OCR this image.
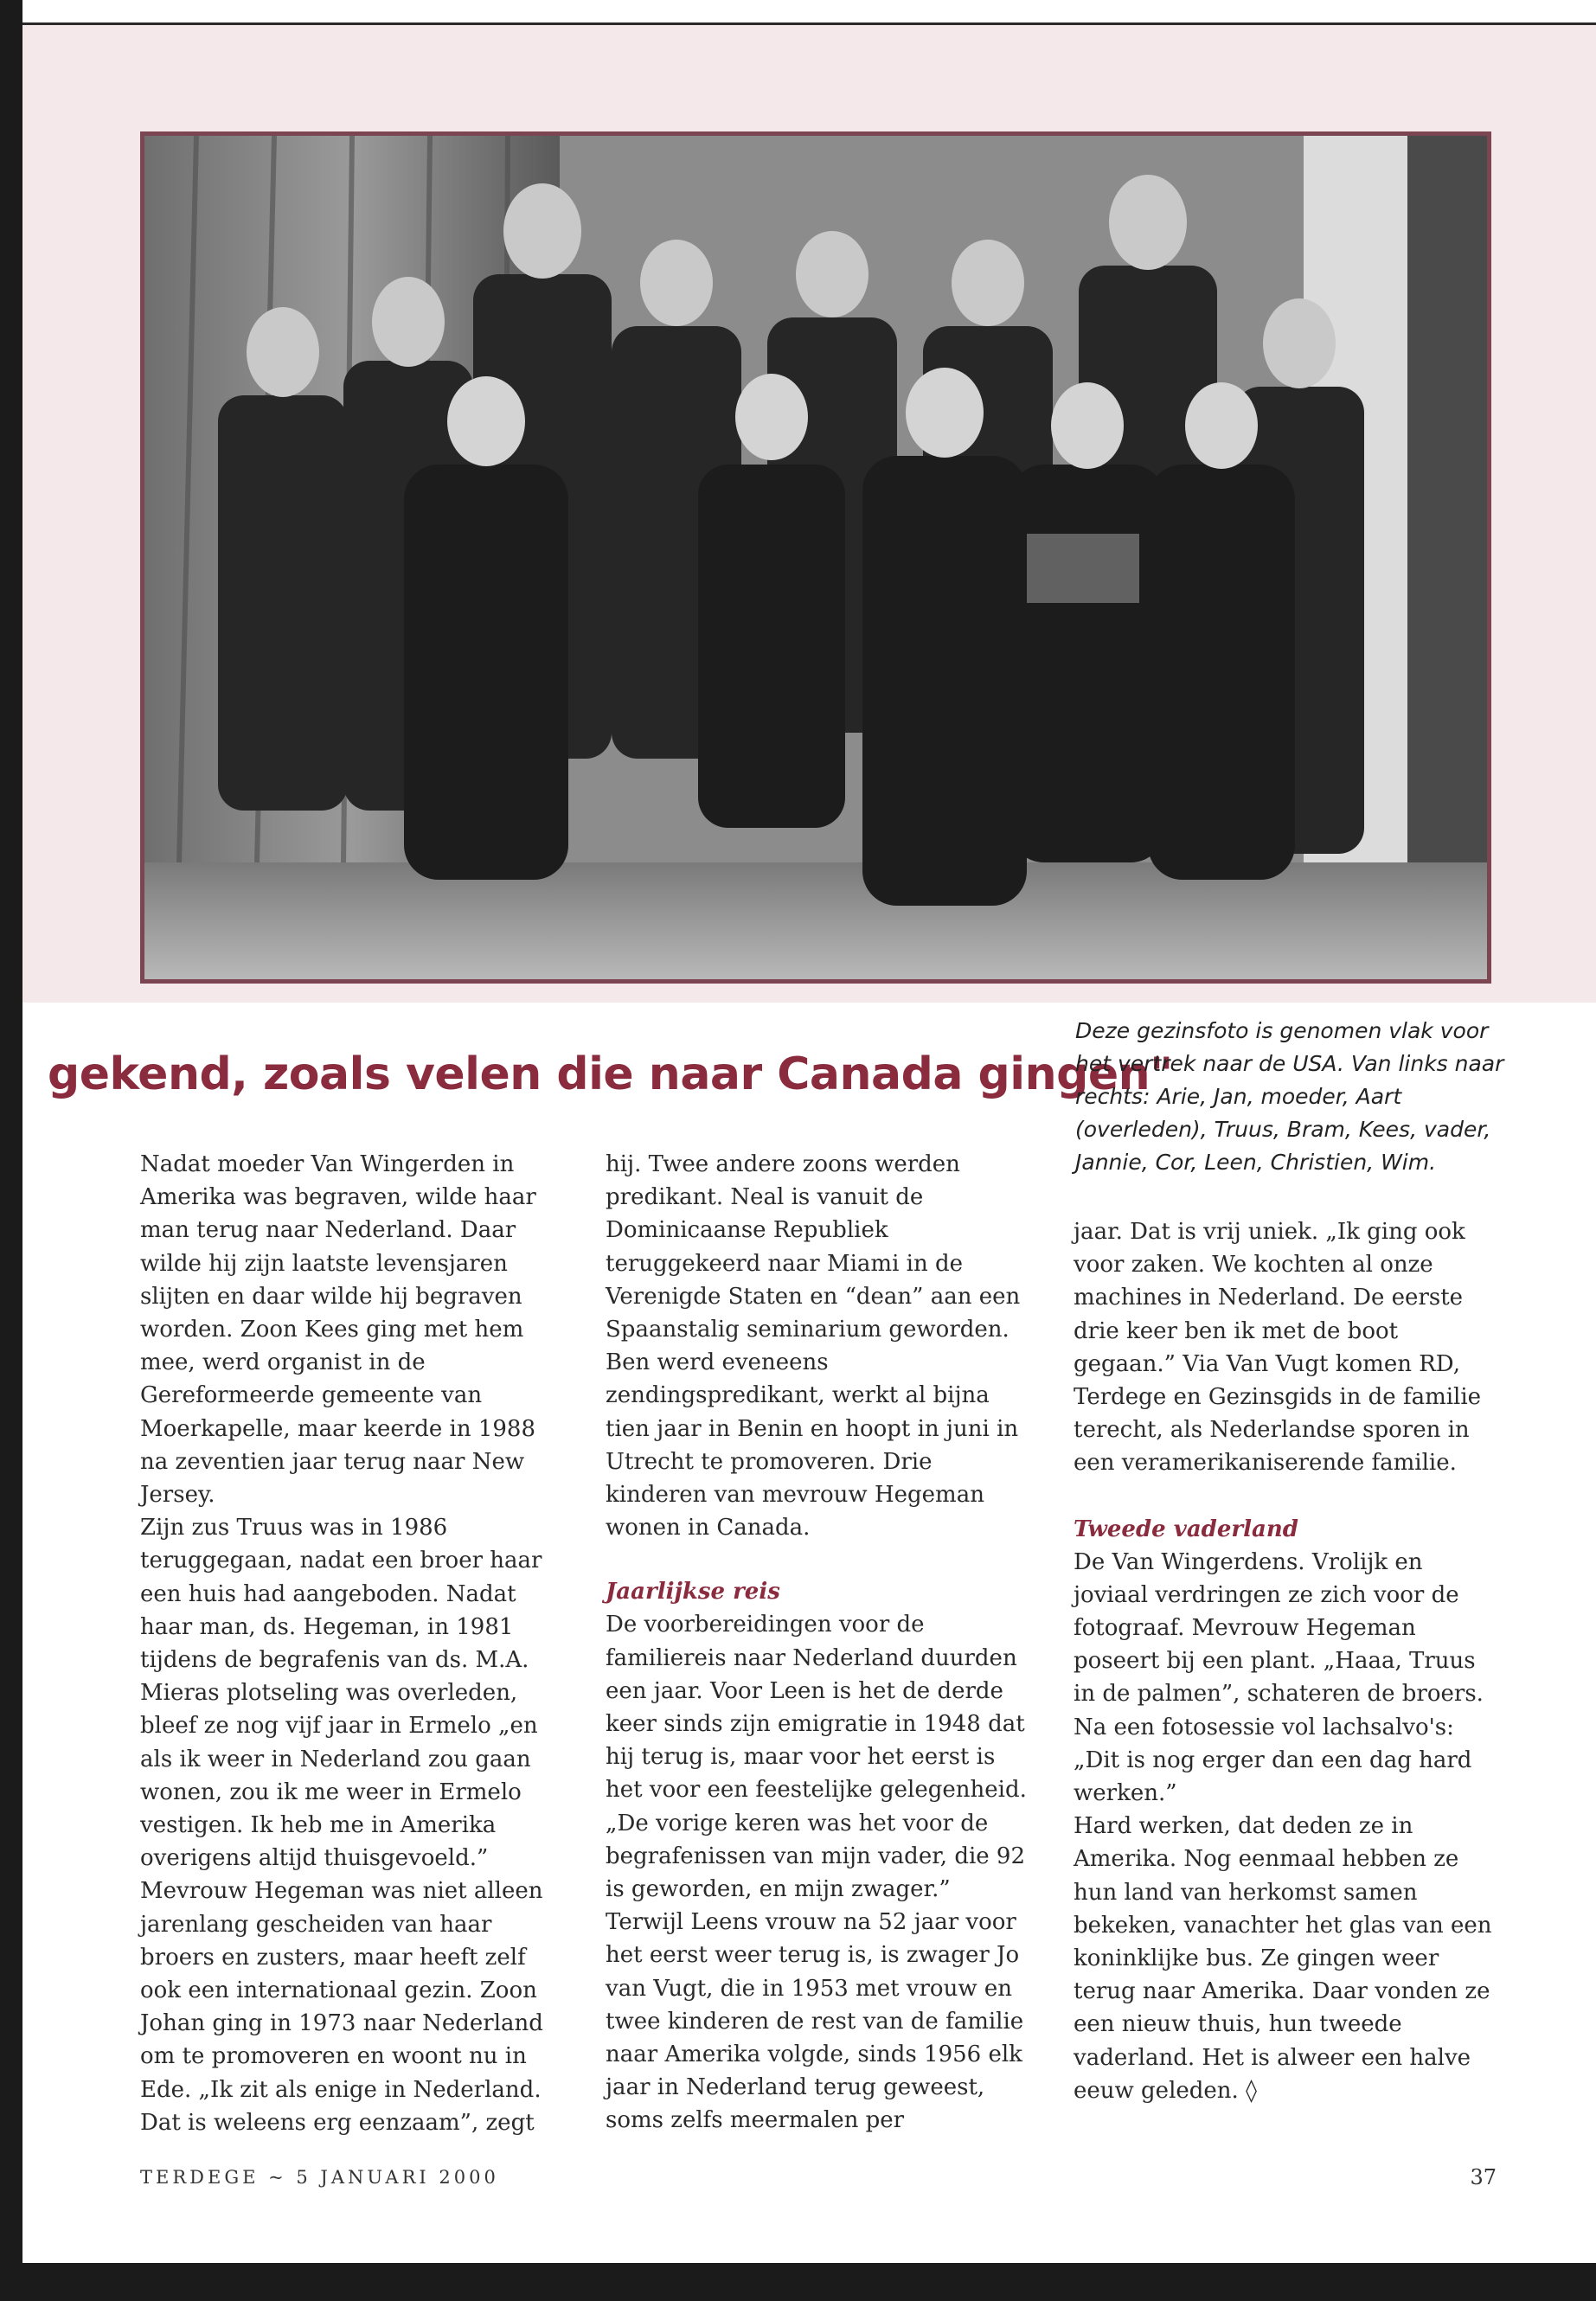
gekend, zoals velen die naar Canada gingen"
Deze gezinsfoto is genomen vlak voor het vertrek naar de USA. Van links naar rechts: Arie, Jan, moeder, Aart (overleden), Truus, Bram, Kees, vader, Jannie, Cor, Leen, Christien, Wim.

Nadat moeder Van Wingerden in Amerika was begraven, wilde haar man terug naar Nederland. Daar wilde hij zijn laatste levensjaren slijten en daar wilde hij begraven worden. Zoon Kees ging met hem mee, werd organist in de Gereformeerde gemeente van Moerkapelle, maar keerde in 1988 na zeventien jaar terug naar New Jersey.

Zijn zus Truus was in 1986 teruggegaan, nadat een broer haar een huis had aangeboden. Nadat haar man, ds. Hegeman, in 1981 tijdens de begrafenis van ds. M.A. Mieras plotseling was overleden, bleef ze nog vijf jaar in Ermelo „en als ik weer in Nederland zou gaan wonen, zou ik me weer in Ermelo vestigen. Ik heb me in Amerika overigens altijd thuisgevoeld.” Mevrouw Hegeman was niet alleen jarenlang gescheiden van haar broers en zusters, maar heeft zelf ook een internationaal gezin. Zoon Johan ging in 1973 naar Nederland om te promoveren en woont nu in Ede. „Ik zit als enige in Nederland. Dat is weleens erg eenzaam”, zegt

hij. Twee andere zoons werden predikant. Neal is vanuit de Dominicaanse Republiek teruggekeerd naar Miami in de Verenigde Staten en “dean” aan een Spaanstalig seminarium geworden. Ben werd eveneens zendingspredikant, werkt al bijna tien jaar in Benin en hoopt in juni in Utrecht te promoveren. Drie kinderen van mevrouw Hegeman wonen in Canada.

Jaarlijkse reis

De voorbereidingen voor de familiereis naar Nederland duurden een jaar. Voor Leen is het de derde keer sinds zijn emigratie in 1948 dat hij terug is, maar voor het eerst is het voor een feestelijke gelegenheid. „De vorige keren was het voor de begrafenissen van mijn vader, die 92 is geworden, en mijn zwager.” Terwijl Leens vrouw na 52 jaar voor het eerst weer terug is, is zwager Jo van Vugt, die in 1953 met vrouw en twee kinderen de rest van de familie naar Amerika volgde, sinds 1956 elk jaar in Nederland terug geweest, soms zelfs meermalen per

jaar. Dat is vrij uniek. „Ik ging ook voor zaken. We kochten al onze machines in Nederland. De eerste drie keer ben ik met de boot gegaan.” Via Van Vugt komen RD, Terdege en Gezinsgids in de familie terecht, als Nederlandse sporen in een veramerikaniserende familie.

Tweede vaderland

De Van Wingerdens. Vrolijk en joviaal verdringen ze zich voor de fotograaf. Mevrouw Hegeman poseert bij een plant. „Haaa, Truus in de palmen”, schateren de broers. Na een fotosessie vol lachsalvo's: „Dit is nog erger dan een dag hard werken.”

Hard werken, dat deden ze in Amerika. Nog eenmaal hebben ze hun land van herkomst samen bekeken, vanachter het glas van een koninklijke bus. Ze gingen weer terug naar Amerika. Daar vonden ze een nieuw thuis, hun tweede vaderland. Het is alweer een halve eeuw geleden. ◊

TERDEGE ~ 5 JANUARI 2000	37
